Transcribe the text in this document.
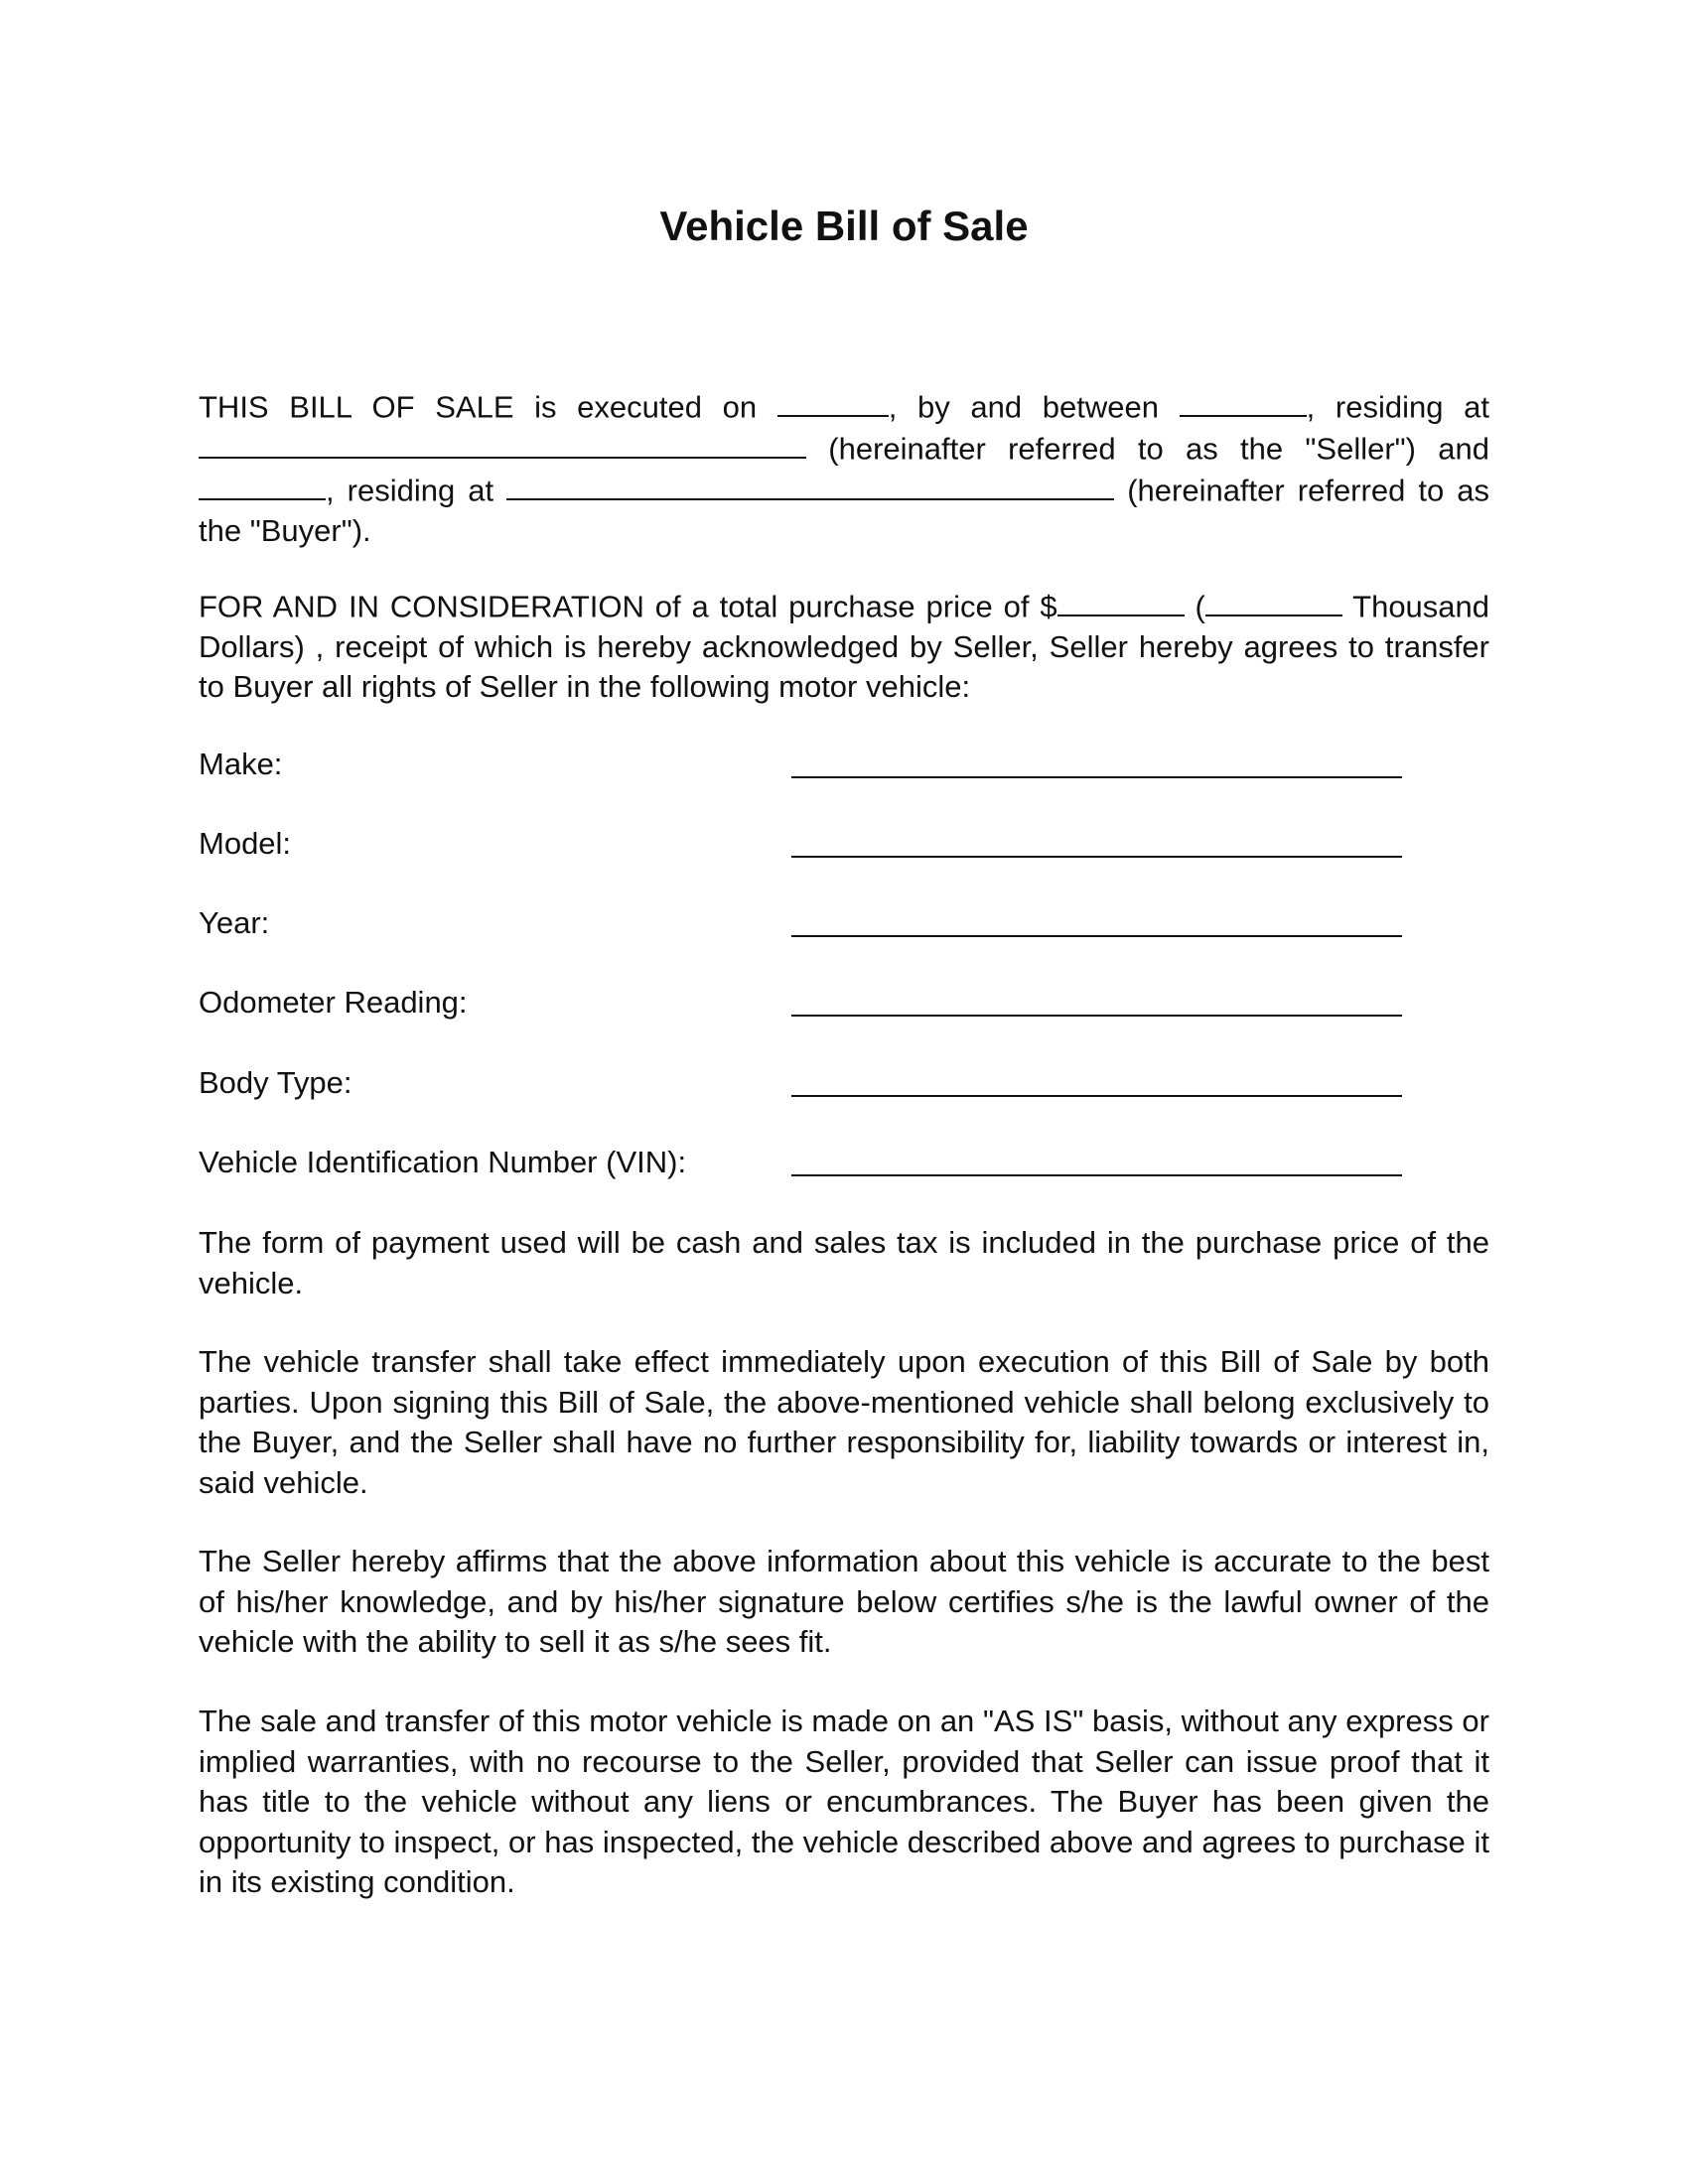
Vehicle Bill of Sale
THIS BILL OF SALE is executed on	, by and between	, residing at  (hereinafter referred to as the "Seller") and , residing at	(hereinafter referred to as the "Buyer").
FOR AND IN CONSIDERATION of a total purchase price of $	(	Thousand Dollars) , receipt of which is hereby acknowledged by Seller, Seller hereby agrees to transfer to Buyer all rights of Seller in the following motor vehicle:
Make:
Model:
Year:
Odometer Reading:
Body Type:
Vehicle Identification Number (VIN):
The form of payment used will be cash and sales tax is included in the purchase price of the vehicle.
The vehicle transfer shall take effect immediately upon execution of this Bill of Sale by both parties. Upon signing this Bill of Sale, the above-mentioned vehicle shall belong exclusively to the Buyer, and the Seller shall have no further responsibility for, liability towards or interest in, said vehicle.
The Seller hereby affirms that the above information about this vehicle is accurate to the best of his/her knowledge, and by his/her signature below certifies s/he is the lawful owner of the vehicle with the ability to sell it as s/he sees fit.
The sale and transfer of this motor vehicle is made on an "AS IS" basis, without any express or implied warranties, with no recourse to the Seller, provided that Seller can issue proof that it has title to the vehicle without any liens or encumbrances. The Buyer has been given the opportunity to inspect, or has inspected, the vehicle described above and agrees to purchase it in its existing condition.
